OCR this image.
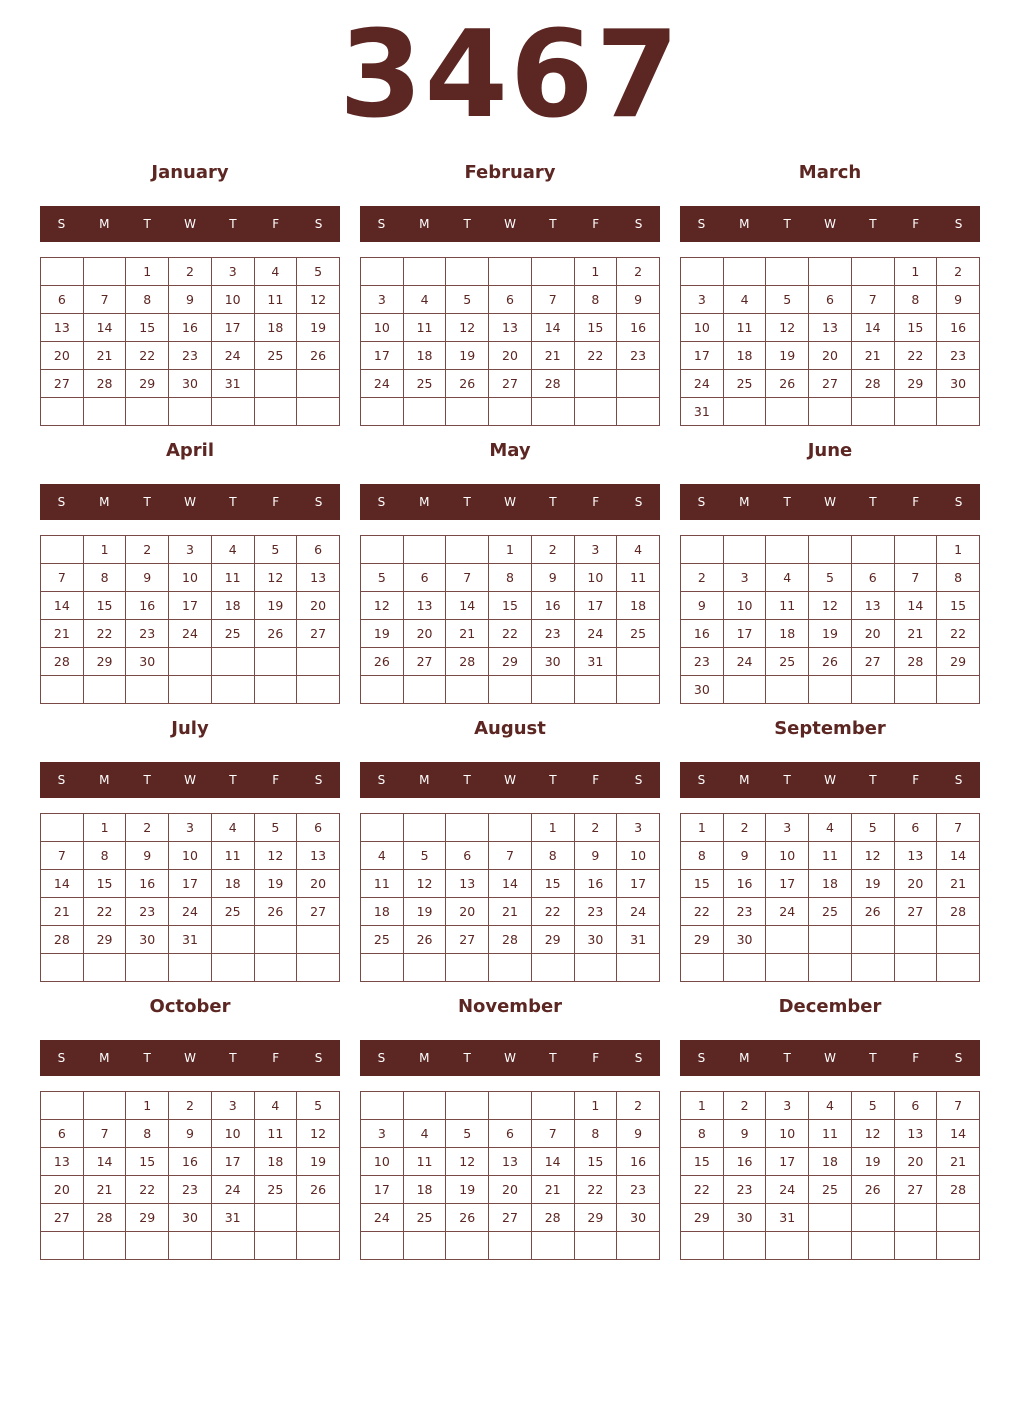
3467
January
S	M	T	W	T	F	S
		1	2	3	4	5
6	7	8	9	10	11	12
13	14	15	16	17	18	19
20	21	22	23	24	25	26
27	28	29	30	31		

February
S	M	T	W	T	F	S
					1	2
3	4	5	6	7	8	9
10	11	12	13	14	15	16
17	18	19	20	21	22	23
24	25	26	27	28		

March
S	M	T	W	T	F	S
					1	2
3	4	5	6	7	8	9
10	11	12	13	14	15	16
17	18	19	20	21	22	23
24	25	26	27	28	29	30
31						
April
S	M	T	W	T	F	S
	1	2	3	4	5	6
7	8	9	10	11	12	13
14	15	16	17	18	19	20
21	22	23	24	25	26	27
28	29	30				

May
S	M	T	W	T	F	S
			1	2	3	4
5	6	7	8	9	10	11
12	13	14	15	16	17	18
19	20	21	22	23	24	25
26	27	28	29	30	31	

June
S	M	T	W	T	F	S
						1
2	3	4	5	6	7	8
9	10	11	12	13	14	15
16	17	18	19	20	21	22
23	24	25	26	27	28	29
30						
July
S	M	T	W	T	F	S
	1	2	3	4	5	6
7	8	9	10	11	12	13
14	15	16	17	18	19	20
21	22	23	24	25	26	27
28	29	30	31			

August
S	M	T	W	T	F	S
				1	2	3
4	5	6	7	8	9	10
11	12	13	14	15	16	17
18	19	20	21	22	23	24
25	26	27	28	29	30	31

September
S	M	T	W	T	F	S
1	2	3	4	5	6	7
8	9	10	11	12	13	14
15	16	17	18	19	20	21
22	23	24	25	26	27	28
29	30					

October
S	M	T	W	T	F	S
		1	2	3	4	5
6	7	8	9	10	11	12
13	14	15	16	17	18	19
20	21	22	23	24	25	26
27	28	29	30	31		

November
S	M	T	W	T	F	S
					1	2
3	4	5	6	7	8	9
10	11	12	13	14	15	16
17	18	19	20	21	22	23
24	25	26	27	28	29	30

December
S	M	T	W	T	F	S
1	2	3	4	5	6	7
8	9	10	11	12	13	14
15	16	17	18	19	20	21
22	23	24	25	26	27	28
29	30	31				
